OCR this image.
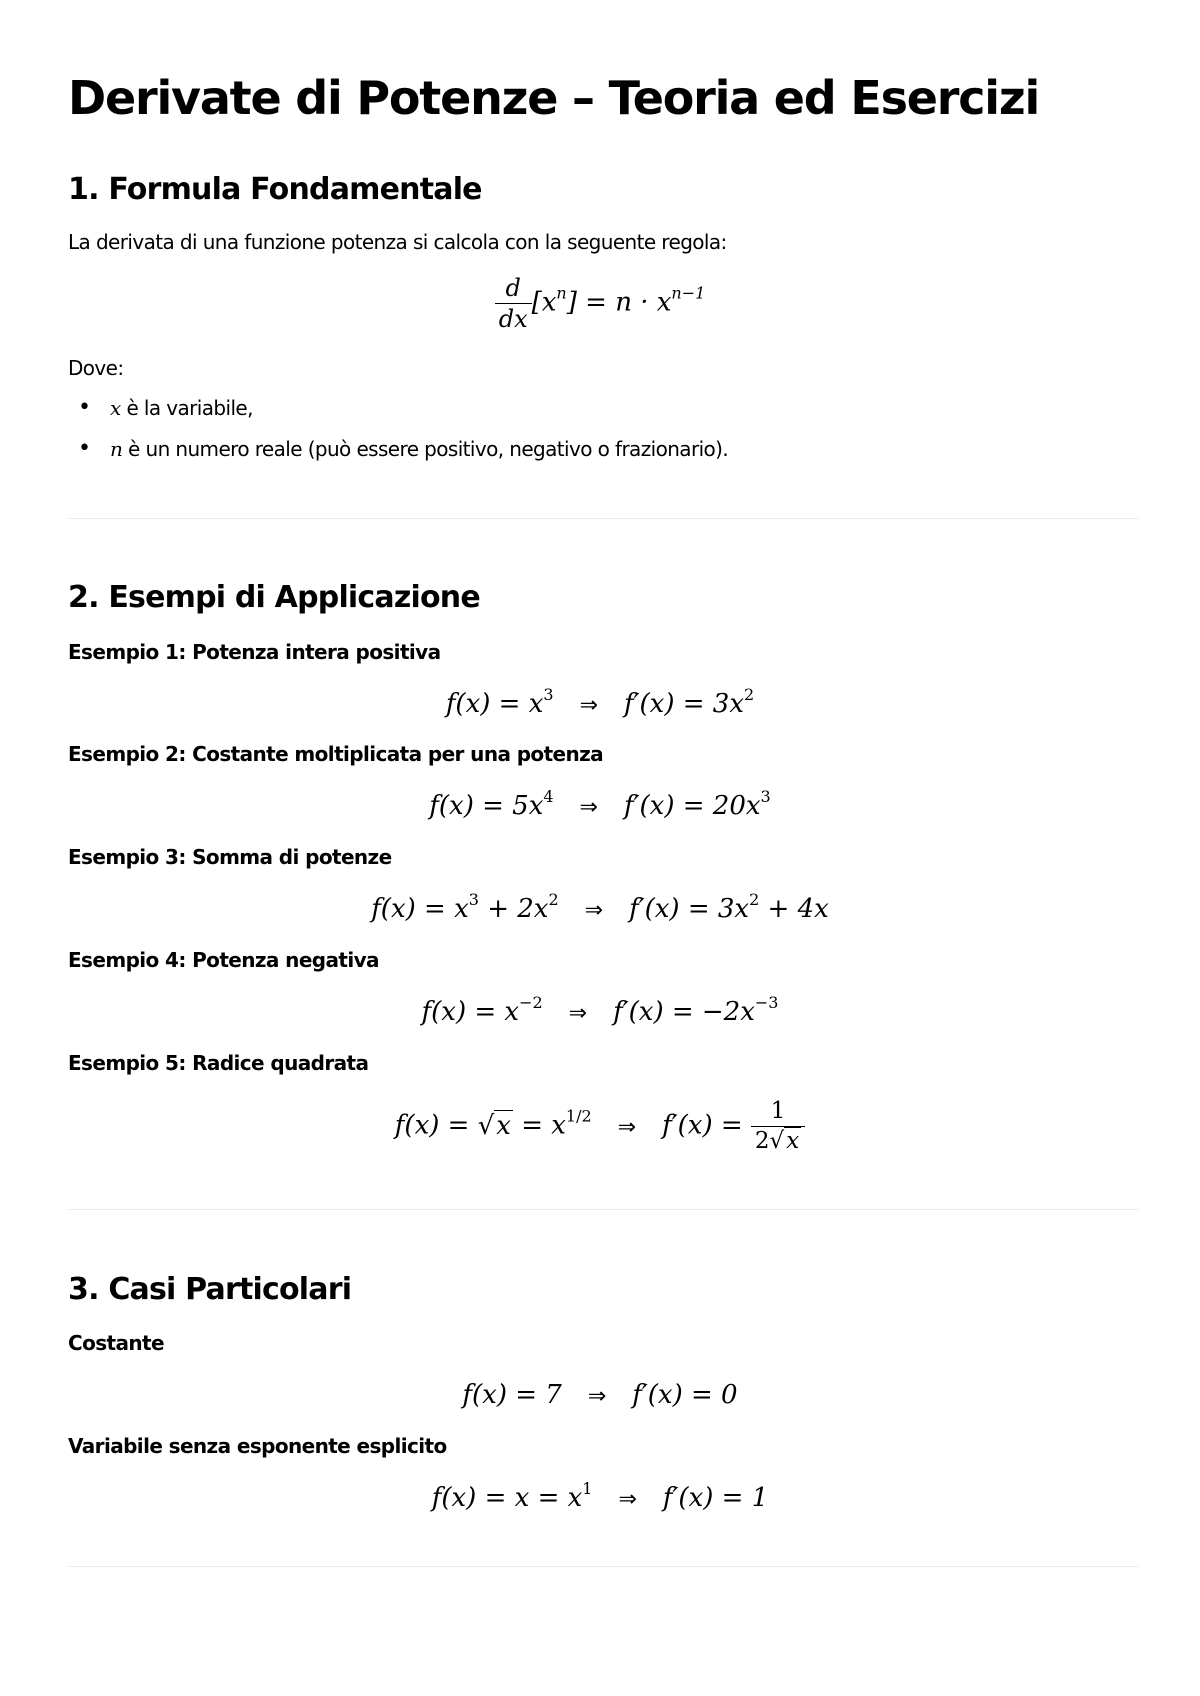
Derivate di Potenze – Teoria ed Esercizi
1. Formula Fondamentale

La derivata di una funzione potenza si calcola con la seguente regola:

$\frac{d}{dx} [x^n] = n \cdot x^{n-1}$

Dove:

• x è la variabile,
• n è un numero reale (può essere positivo, negativo o frazionario).
2. Esempi di Applicazione

Esempio 1: Potenza intera positiva

$f(x) = x^3$ ⇒ $f'(x) = 3x^2$

Esempio 2: Costante moltiplicata per una potenza

$f(x) = 5x^4$ ⇒ $f'(x) = 20x^3$

Esempio 3: Somma di potenze

$f(x) = x^3 + 2x^2$ ⇒ $f'(x) = 3x^2 + 4x$

Esempio 4: Potenza negativa

$f(x) = x^{-2}$ ⇒ $f'(x) = -2x^{-3}$

Esempio 5: Radice quadrata

$f(x) = √x = x^{1/2}$ ⇒ $f'(x) = \frac{1}{2√x}$
3. Casi Particolari

Costante

f(x) = 7 ⇒ f′(x) = 0

Variabile senza esponente esplicito

$f(x) = x = x^1$ ⇒ f′(x) = 1
